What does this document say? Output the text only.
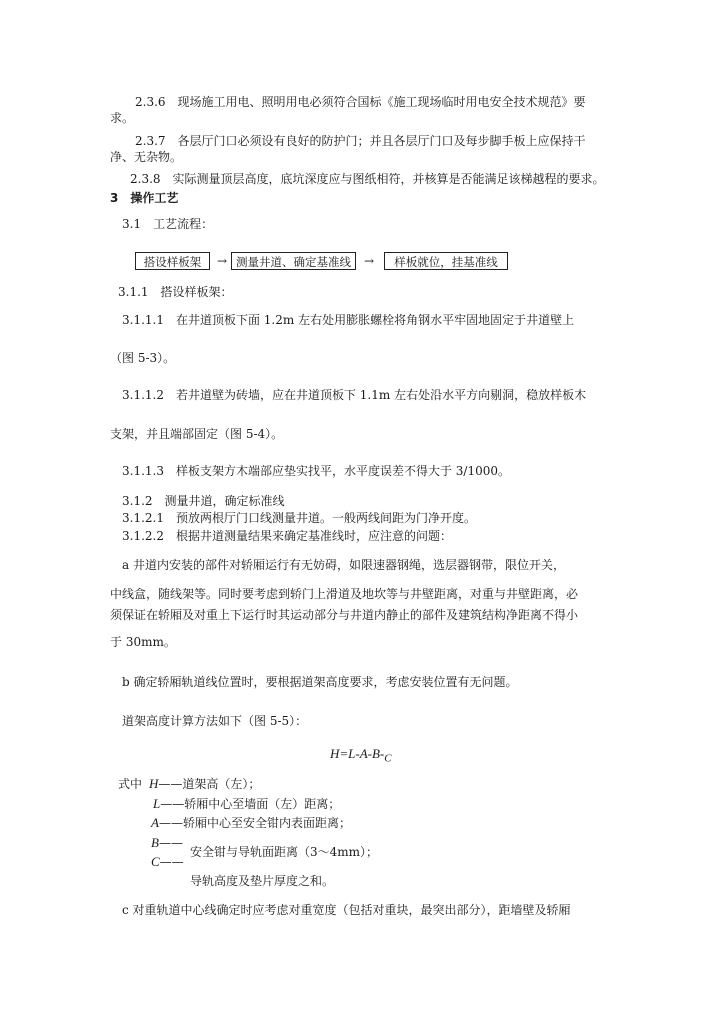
2.3.6　现场施工用电、照明用电必须符合国标《施工现场临时用电安全技术规范》要
求。
2.3.7　各层厅门口必须设有良好的防护门；并且各层厅门口及每步脚手板上应保持干
净、无杂物。
2.3.8　实际测量顶层高度，底坑深度应与图纸相符，并核算是否能满足该梯越程的要求。
3　操作工艺
3.1　工艺流程：
搭设样板架	→ 测量井道、确定基准线	→	样板就位，挂基准线
3.1.1　搭设样板架：
3.1.1.1　在井道顶板下面 1.2m 左右处用膨胀螺栓将角钢水平牢固地固定于井道壁上
（图 5-3）。
3.1.1.2　若井道壁为砖墙，应在井道顶板下 1.1m 左右处沿水平方向剔洞，稳放样板木
支架，并且端部固定（图 5-4）。
3.1.1.3　样板支架方木端部应垫实找平，水平度误差不得大于 3/1000。
3.1.2　测量井道，确定标准线
3.1.2.1　预放两根厅门口线测量井道。一般两线间距为门净开度。
3.1.2.2　根据井道测量结果来确定基准线时，应注意的问题：
a 井道内安装的部件对轿厢运行有无妨碍，如限速器钢绳，选层器钢带，限位开关，
中线盒，随线架等。同时要考虑到轿门上滑道及地坎等与井壁距离，对重与井壁距离，必
须保证在轿厢及对重上下运行时其运动部分与井道内静止的部件及建筑结构净距离不得小
于 30mm。
b 确定轿厢轨道线位置时，要根据道架高度要求，考虑安装位置有无问题。
道架高度计算方法如下（图 5-5）：
$H=L-A-B-_C$
式中 H——道架高（左）；
L——轿厢中心至墙面（左）距离；
A——轿厢中心至安全钳内表面距离；
B——
安全钳与导轨面距离（3～4mm）；
C——
导轨高度及垫片厚度之和。
c 对重轨道中心线确定时应考虑对重宽度（包括对重块，最突出部分），距墙壁及轿厢
